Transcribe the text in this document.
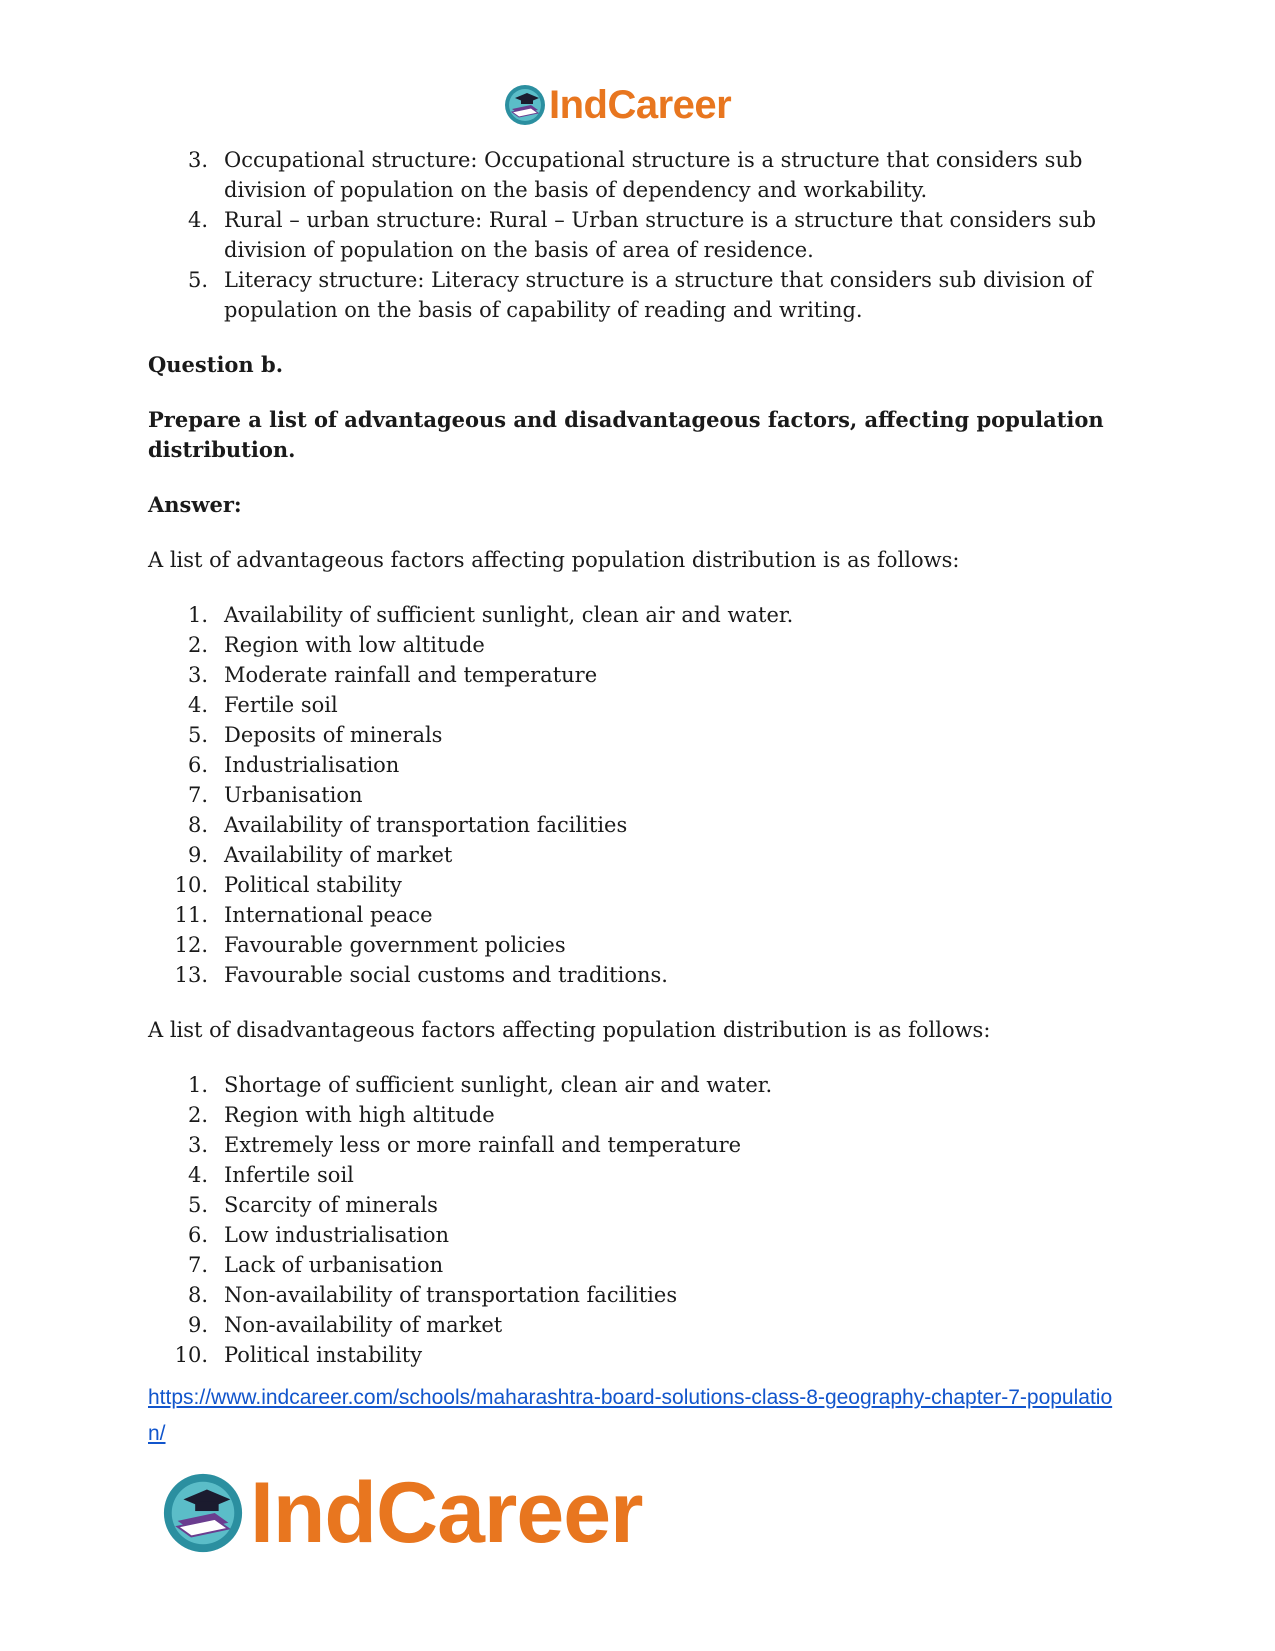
IndCareer
3. Occupational structure: Occupational structure is a structure that considers sub division of population on the basis of dependency and workability.
4. Rural – urban structure: Rural – Urban structure is a structure that considers sub division of population on the basis of area of residence.
5. Literacy structure: Literacy structure is a structure that considers sub division of population on the basis of capability of reading and writing.

Question b.

Prepare a list of advantageous and disadvantageous factors, affecting population distribution.

Answer:

A list of advantageous factors affecting population distribution is as follows:

1. Availability of sufficient sunlight, clean air and water.
2. Region with low altitude
3. Moderate rainfall and temperature
4. Fertile soil
5. Deposits of minerals
6. Industrialisation
7. Urbanisation
8. Availability of transportation facilities
9. Availability of market
10. Political stability
11. International peace
12. Favourable government policies
13. Favourable social customs and traditions.

A list of disadvantageous factors affecting population distribution is as follows:

1. Shortage of sufficient sunlight, clean air and water.
2. Region with high altitude
3. Extremely less or more rainfall and temperature
4. Infertile soil
5. Scarcity of minerals
6. Low industrialisation
7. Lack of urbanisation
8. Non-availability of transportation facilities
9. Non-availability of market
10. Political instability
https://www.indcareer.com/schools/maharashtra-board-solutions-class-8-geography-chapter-7-population/
IndCareer
